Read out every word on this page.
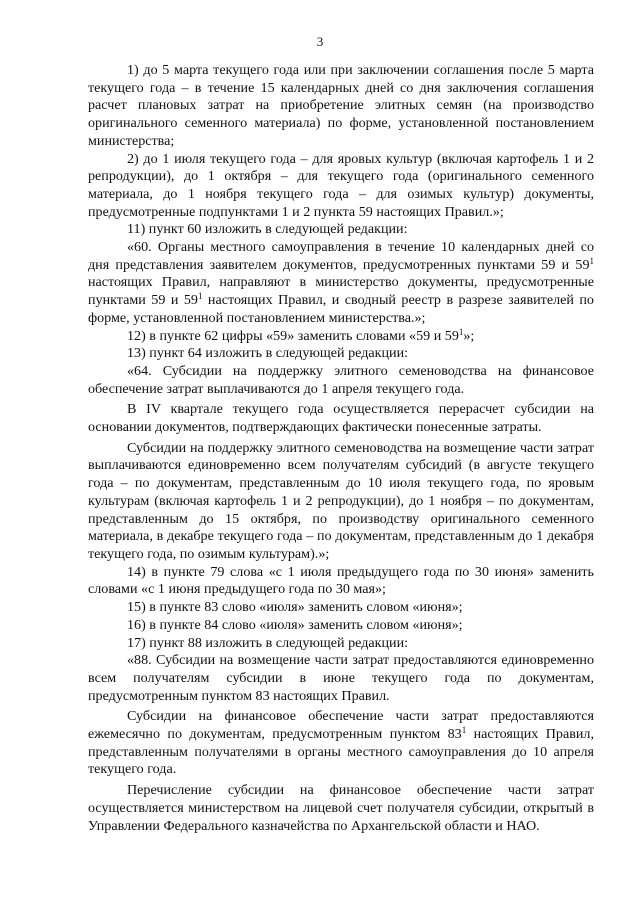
3

1) до 5 марта текущего года или при заключении соглашения после 5 марта текущего года – в течение 15 календарных дней со дня заключения соглашения расчет плановых затрат на приобретение элитных семян (на производство оригинального семенного материала) по форме, установленной постановлением министерства;

2) до 1 июля текущего года – для яровых культур (включая картофель 1 и 2 репродукции), до 1 октября – для текущего года (оригинального семенного материала, до 1 ноября текущего года – для озимых культур) документы, предусмотренные подпунктами 1 и 2 пункта 59 настоящих Правил.»;

11) пункт 60 изложить в следующей редакции:

«60. Органы местного самоуправления в течение 10 календарных дней со дня представления заявителем документов, предусмотренных пунктами 59 и $59^1$ настоящих Правил, направляют в министерство документы, предусмотренные пунктами 59 и $59^1$ настоящих Правил, и сводный реестр в разрезе заявителей по форме, установленной постановлением министерства.»;

12) в пункте 62 цифры «59» заменить словами «59 и $59^1$»;

13) пункт 64 изложить в следующей редакции:

«64. Субсидии на поддержку элитного семеноводства на финансовое обеспечение затрат выплачиваются до 1 апреля текущего года.

В IV квартале текущего года осуществляется перерасчет субсидии на основании документов, подтверждающих фактически понесенные затраты.

Субсидии на поддержку элитного семеноводства на возмещение части затрат выплачиваются единовременно всем получателям субсидий (в августе текущего года – по документам, представленным до 10 июля текущего года, по яровым культурам (включая картофель 1 и 2 репродукции), до 1 ноября – по документам, представленным до 15 октября, по производству оригинального семенного материала, в декабре текущего года – по документам, представленным до 1 декабря текущего года, по озимым культурам).»;

14) в пункте 79 слова «с 1 июля предыдущего года по 30 июня» заменить словами «с 1 июня предыдущего года по 30 мая»;

15) в пункте 83 слово «июля» заменить словом «июня»;

16) в пункте 84 слово «июля» заменить словом «июня»;

17) пункт 88 изложить в следующей редакции:

«88. Субсидии на возмещение части затрат предоставляются единовременно всем получателям субсидии в июне текущего года по документам, предусмотренным пунктом 83 настоящих Правил.

Субсидии на финансовое обеспечение части затрат предоставляются ежемесячно по документам, предусмотренным пунктом $83^1$ настоящих Правил, представленным получателями в органы местного самоуправления до 10 апреля текущего года.

Перечисление субсидии на финансовое обеспечение части затрат осуществляется министерством на лицевой счет получателя субсидии, открытый в Управлении Федерального казначейства по Архангельской области и НАО.
